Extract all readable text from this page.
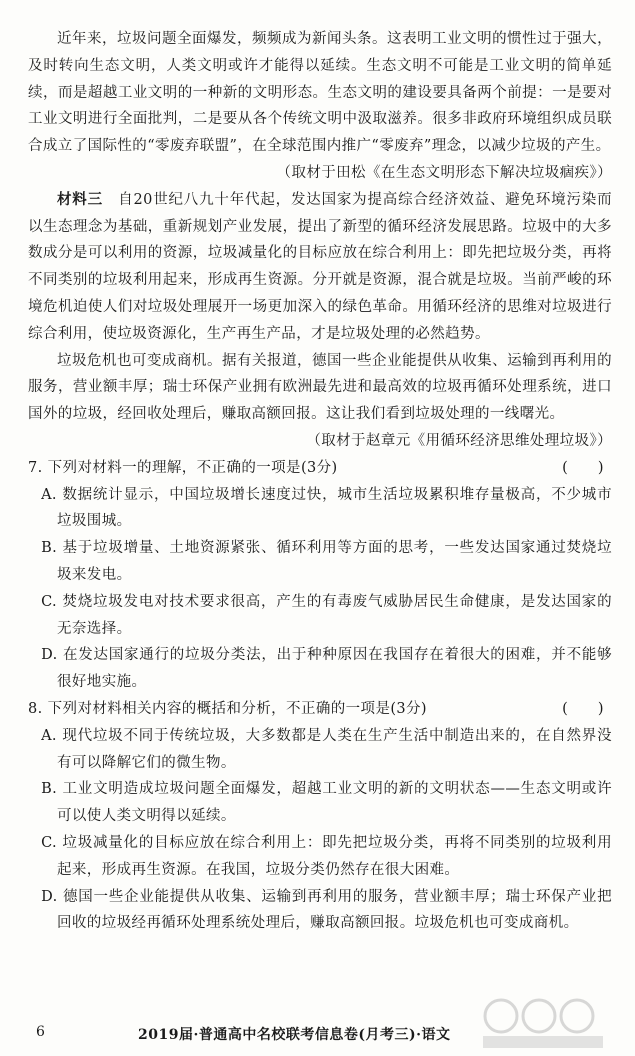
近年来，垃圾问题全面爆发，频频成为新闻头条。这表明工业文明的惯性过于强大，及时转向生态文明，人类文明或许才能得以延续。生态文明不可能是工业文明的简单延续，而是超越工业文明的一种新的文明形态。生态文明的建设要具备两个前提：一是要对工业文明进行全面批判，二是要从各个传统文明中汲取滋养。很多非政府环境组织成员联合成立了国际性的“零废弃联盟”，在全球范围内推广“零废弃”理念，以减少垃圾的产生。

（取材于田松《在生态文明形态下解决垃圾痼疾》）

材料三　 自20世纪八九十年代起，发达国家为提高综合经济效益、避免环境污染而以生态理念为基础，重新规划产业发展，提出了新型的循环经济发展思路。垃圾中的大多数成分是可以利用的资源，垃圾减量化的目标应放在综合利用上：即先把垃圾分类，再将不同类别的垃圾利用起来，形成再生资源。分开就是资源，混合就是垃圾。当前严峻的环境危机迫使人们对垃圾处理展开一场更加深入的绿色革命。用循环经济的思维对垃圾进行综合利用，使垃圾资源化，生产再生产品，才是垃圾处理的必然趋势。

垃圾危机也可变成商机。据有关报道，德国一些企业能提供从收集、运输到再利用的服务，营业额丰厚；瑞士环保产业拥有欧洲最先进和最高效的垃圾再循环处理系统，进口国外的垃圾，经回收处理后，赚取高额回报。这让我们看到垃圾处理的一线曙光。

（取材于赵章元《用循环经济思维处理垃圾》）

7. 下列对材料一的理解，不正确的一项是(3分)	(　　)

A. 数据统计显示，中国垃圾增长速度过快，城市生活垃圾累积堆存量极高，不少城市垃圾围城。

B. 基于垃圾增量、土地资源紧张、循环利用等方面的思考，一些发达国家通过焚烧垃圾来发电。

C. 焚烧垃圾发电对技术要求很高，产生的有毒废气威胁居民生命健康，是发达国家的无奈选择。

D. 在发达国家通行的垃圾分类法，出于种种原因在我国存在着很大的困难，并不能够很好地实施。

8. 下列对材料相关内容的概括和分析，不正确的一项是(3分)	(　　)

A. 现代垃圾不同于传统垃圾，大多数都是人类在生产生活中制造出来的，在自然界没有可以降解它们的微生物。

B. 工业文明造成垃圾问题全面爆发，超越工业文明的新的文明状态——生态文明或许可以使人类文明得以延续。

C. 垃圾减量化的目标应放在综合利用上：即先把垃圾分类，再将不同类别的垃圾利用起来，形成再生资源。在我国，垃圾分类仍然存在很大困难。

D. 德国一些企业能提供从收集、运输到再利用的服务，营业额丰厚；瑞士环保产业把回收的垃圾经再循环处理系统处理后，赚取高额回报。垃圾危机也可变成商机。

6	2019届·普通高中名校联考信息卷(月考三)·语文
